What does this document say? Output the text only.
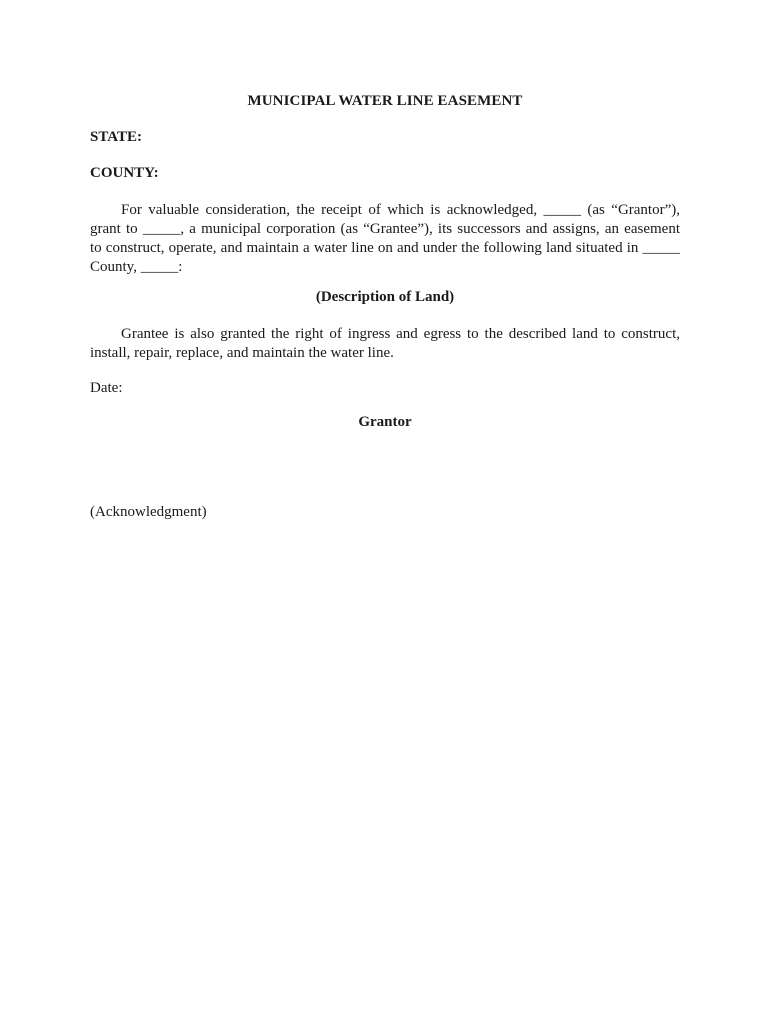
MUNICIPAL WATER LINE EASEMENT
STATE:
COUNTY:
For valuable consideration, the receipt of which is acknowledged, _____ (as “Grantor”),
grant to _____, a municipal corporation (as “Grantee”), its successors and assigns, an easement
to construct, operate, and maintain a water line on and under the following land situated in _____
County, _____:
(Description of Land)
Grantee is also granted the right of ingress and egress to the described land to construct,
install, repair, replace, and maintain the water line.
Date:
Grantor
(Acknowledgment)
